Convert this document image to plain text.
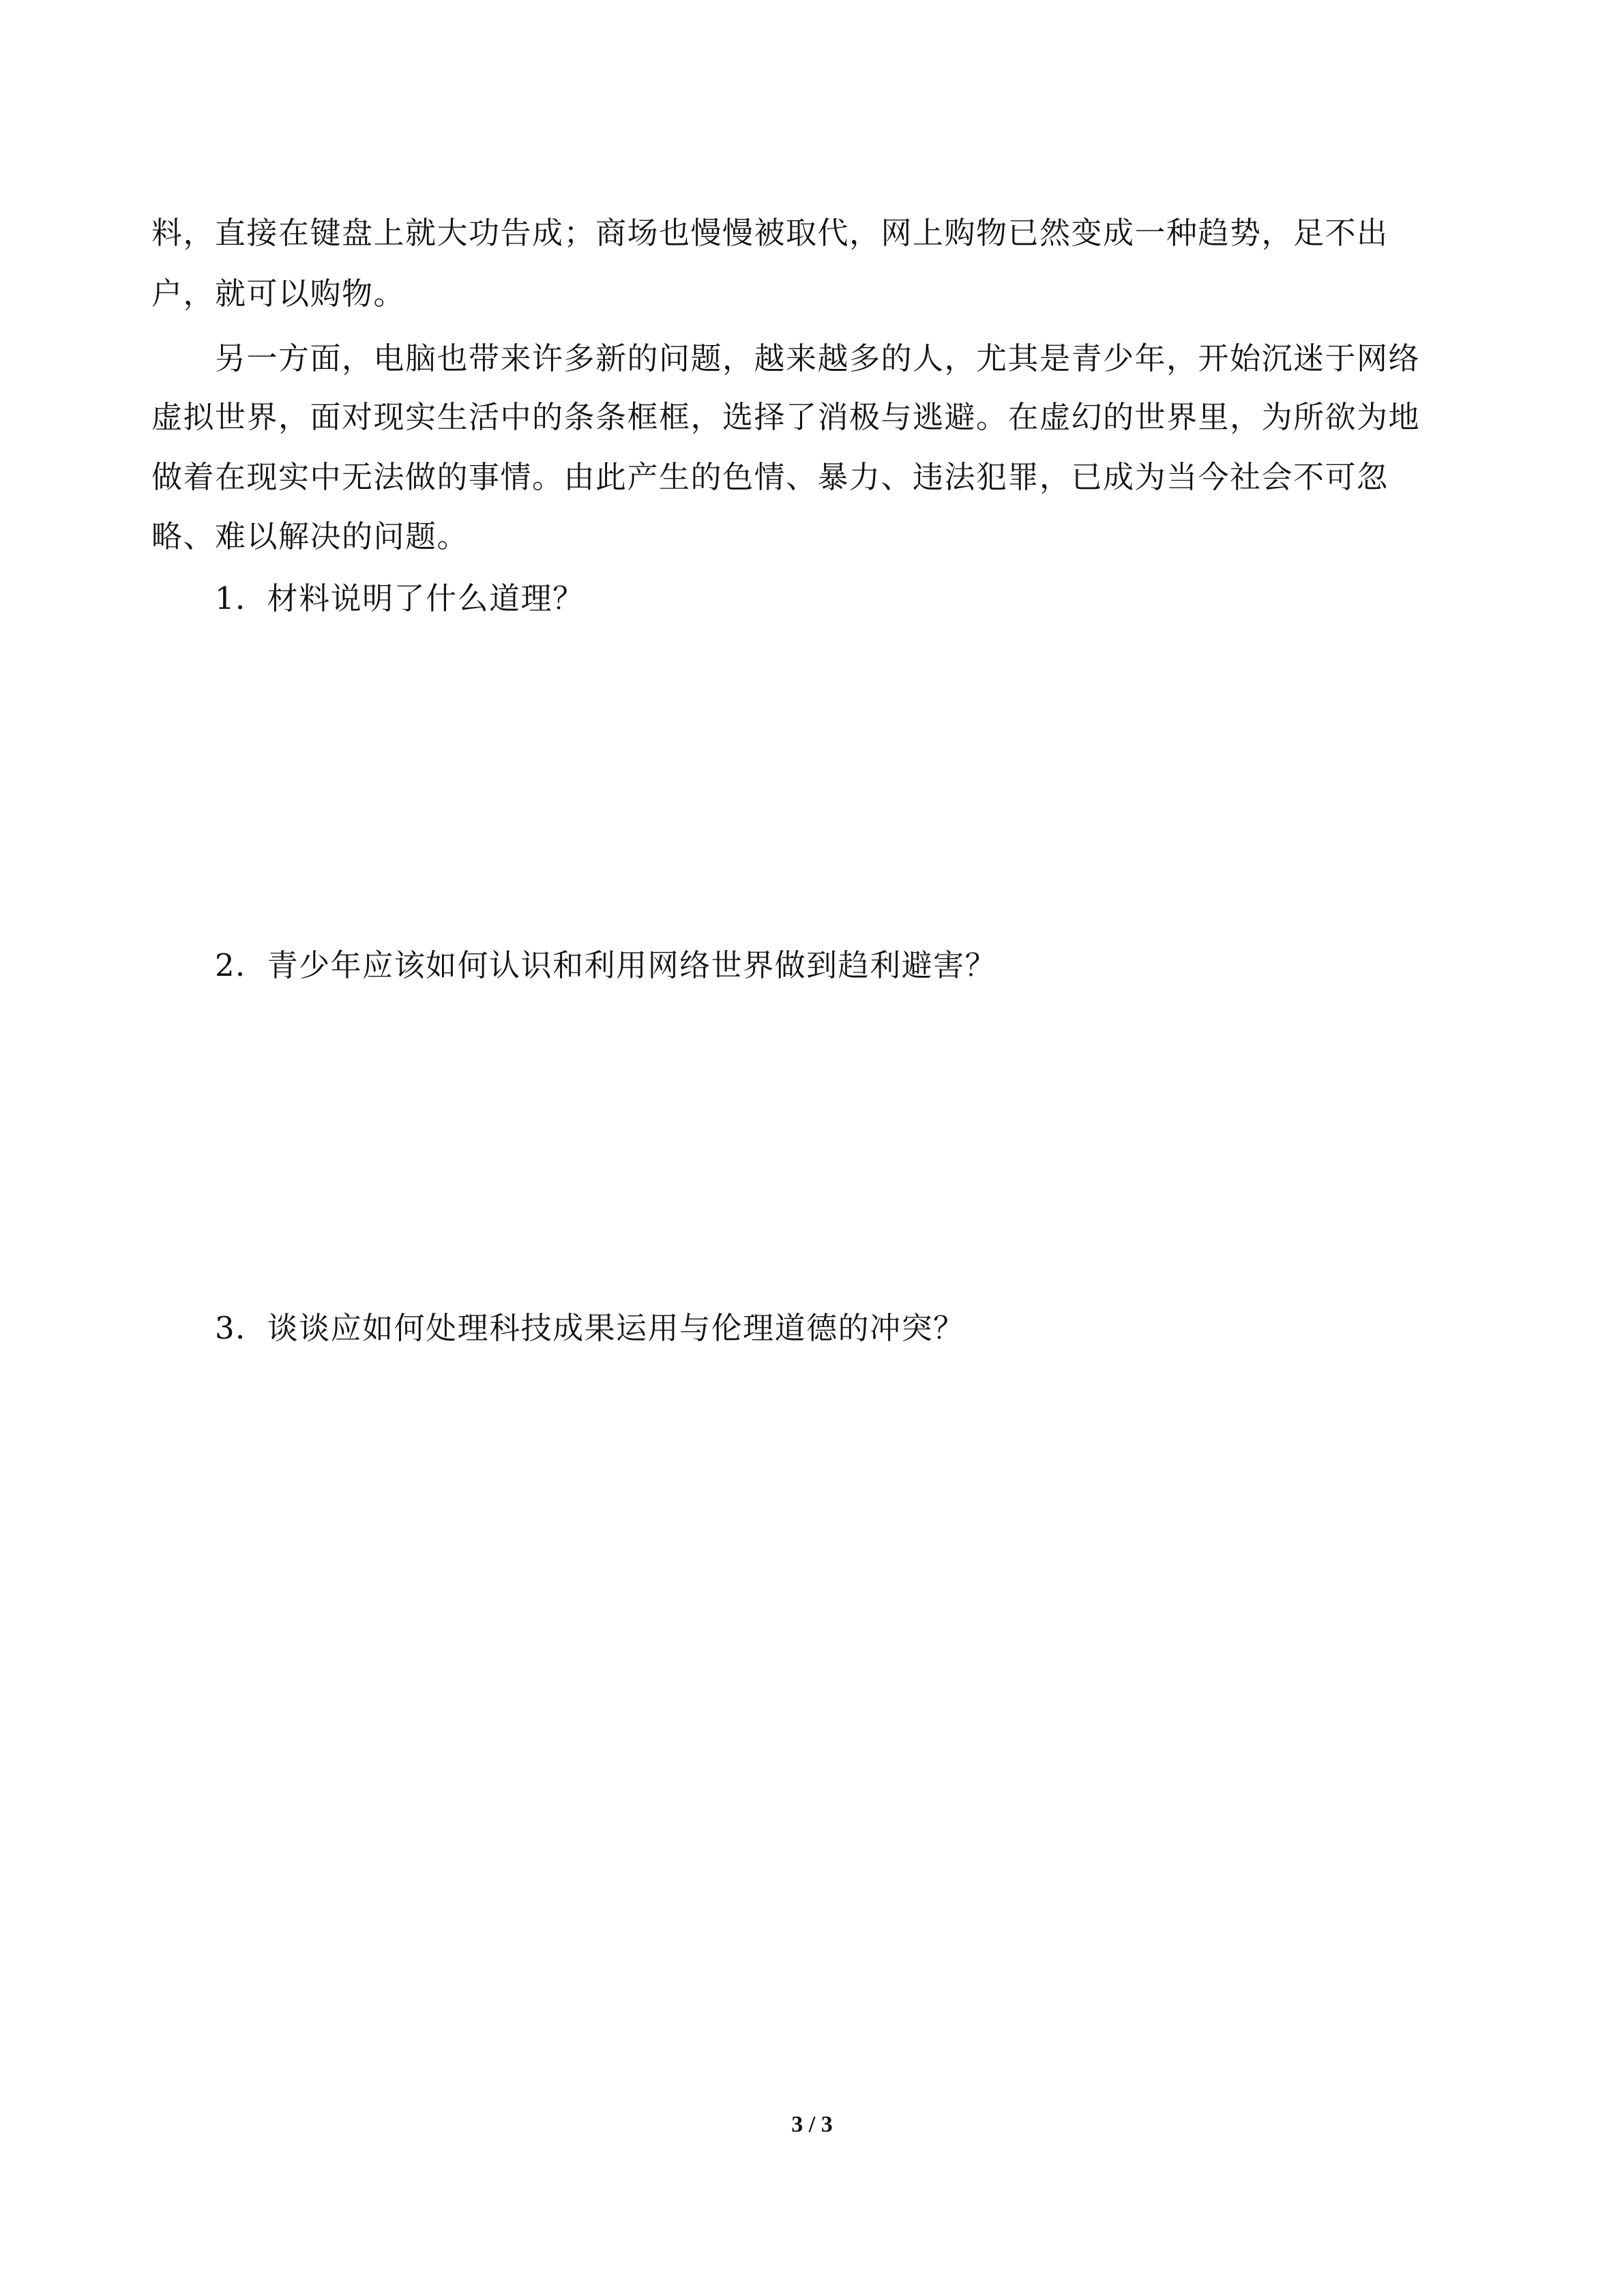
料，直接在键盘上就大功告成；商场也慢慢被取代，网上购物已然变成一种趋势，足不出

户，就可以购物。

另一方面，电脑也带来许多新的问题，越来越多的人，尤其是青少年，开始沉迷于网络

虚拟世界，面对现实生活中的条条框框，选择了消极与逃避。在虚幻的世界里，为所欲为地

做着在现实中无法做的事情。由此产生的色情、暴力、违法犯罪，已成为当今社会不可忽

略、难以解决的问题。

1．材料说明了什么道理？

2．青少年应该如何认识和利用网络世界做到趋利避害？

3．谈谈应如何处理科技成果运用与伦理道德的冲突？

3 / 3
